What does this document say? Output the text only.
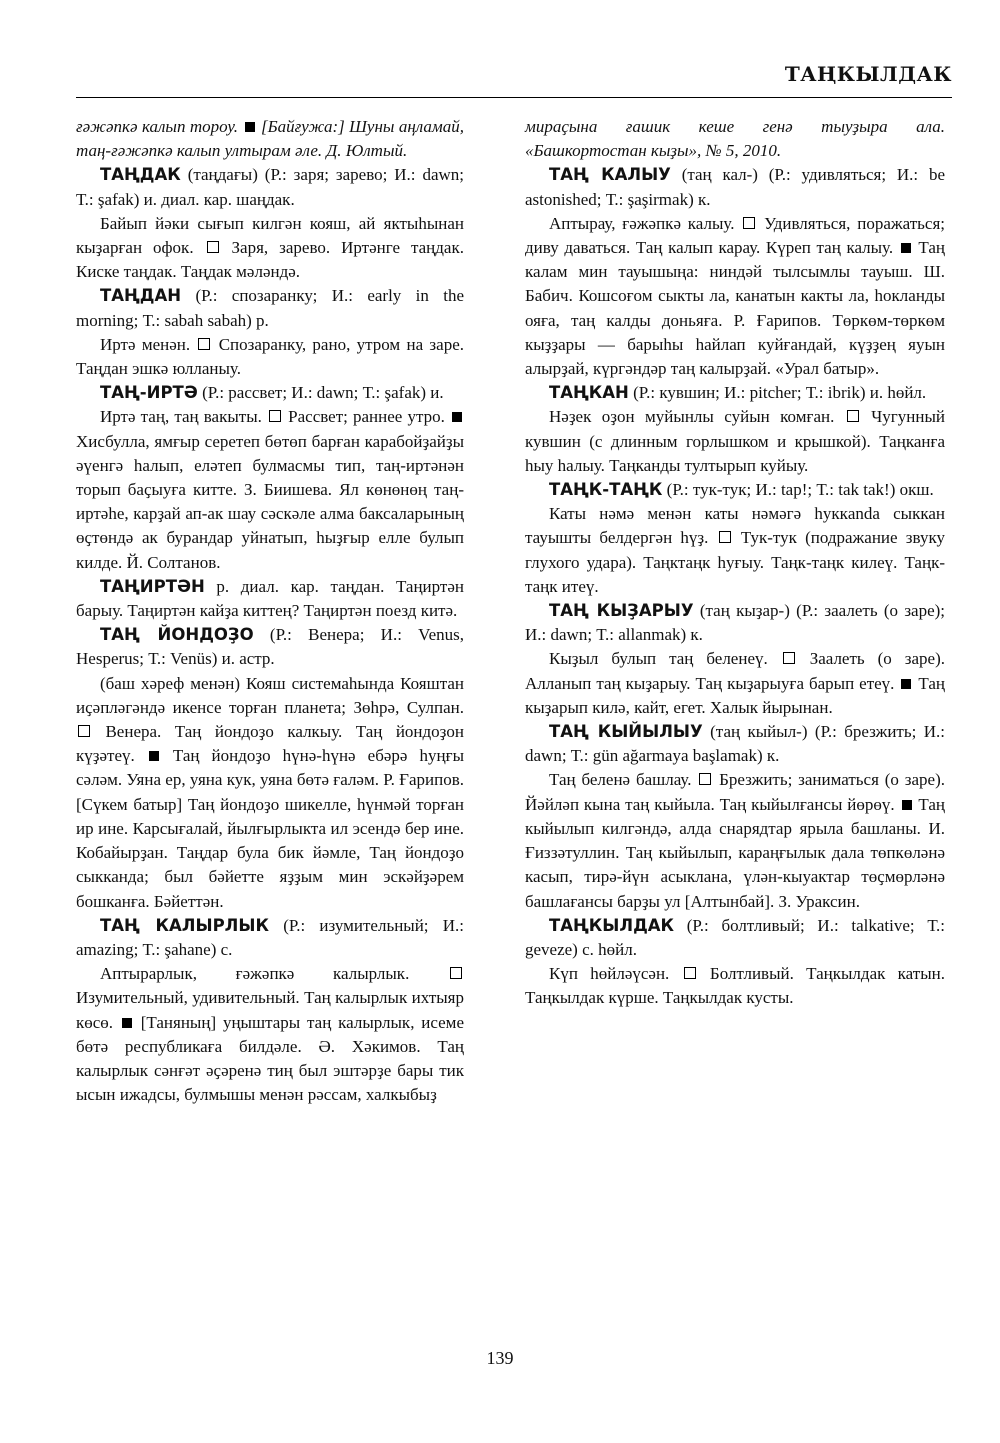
ТАҢКЫЛДАК

ғәжәпкә калып тороу.  [Байғужа:] Шуны аңламай, таң-ғәжәпкә калып ултырам әле. Д. Юлтый.

ТАҢДАК (таңдағы) (Р.: заря; зарево; И.: dawn; Т.: şafak) и. диал. кар. шаңдак.

Байып йәки сығып килгән кояш, ай яктыһынан кыҙарған офок.  Заря, зарево. Иртәнге таңдак. Киске таңдак. Таңдак мәләндә.

ТАҢДАН (Р.: спозаранку; И.: early in the morning; Т.: sabah sabah) р.

Иртә менән.  Спозаранку, рано, утром на заре. Таңдан эшкә юлланыу.

ТАҢ-ИРТӘ (Р.: рассвет; И.: dawn; Т.: şafak) и.

Иртә таң, таң вакыты.  Рассвет; раннее утро.  Хисбулла, ямғыр серетеп бөтөп барған карабойҙайҙы әүенгә һалып, еләтеп булмасмы тип, таң-иртәнән торып баҫыуға китте. З. Биишева. Ял көнөнөң таң-иртәһе, карҙай ап-ак шау сәскәле алма баксаларының өҫтөндә ак бурандар уйнатып, һыҙғыр елле булып килде. Й. Солтанов.

ТАҢИРТӘН р. диал. кар. таңдан. Таңиртән барыу. Таңиртән кайҙа киттең? Таңиртән поезд китә.

ТАҢ ЙОНДОҘО (Р.: Венера; И.: Venus, Hesperus; Т.: Venüs) и. астр.

(баш хәреф менән) Кояш системаһында Кояштан иҫәпләгәндә икенсе торған планета; Зөһрә, Сулпан.  Венера. Таң йондоҙо калкыу. Таң йондоҙон күҙәтеү.  Таң йондоҙо һүнә-һүнә ебәрә һуңғы сәләм. Уяна ер, уяна кук, уяна бөтә ғаләм. Р. Ғарипов. [Сүкем батыр] Таң йондоҙо шикелле, һүнмәй торған ир ине. Карсығалай, йылғырлыкта ил эсендә бер ине. Кобайырҙан. Таңдар була бик йәмле, Таң йондоҙо сыкканда; был бәйетте яҙҙым мин эскәйҙәрем бошканға. Бәйеттән.

ТАҢ КАЛЫРЛЫК (Р.: изумительный; И.: amazing; Т.: şahane) с.

Аптырарлык, ғәжәпкә калырлык.  Изумительный, удивительный. Таң калырлык ихтыяр көсө.  [Таняның] уңыштары таң калырлык, исеме бөтә республикаға билдәле. Ә. Хәкимов. Таң калырлык сәнғәт әҫәренә тиң был эштәрҙе бары тик ысын ижадсы, булмышы менән рәссам, халкыбыҙ

мираҫына ғашик кеше генә тыуҙыра ала. «Башкортостан кыҙы», № 5, 2010.

ТАҢ КАЛЫУ (таң кал-) (Р.: удивляться; И.: be astonished; Т.: şaşirmak) к.

Аптырау, ғәжәпкә калыу.  Удивляться, поражаться; диву даваться. Таң калып карау. Күреп таң калыу.  Таң калам мин тауышыңа: ниндәй тылсымлы тауыш. Ш. Бабич. Кошсоғом сыкты ла, канатын какты ла, һокланды ояға, таң калды доньяға. Р. Ғарипов. Төркөм-төркөм кыҙҙары — барыһы һайлап куйғандай, күҙҙең яуын алырҙай, күргәндәр таң калырҙай. «Урал батыр».

ТАҢКАН (Р.: кувшин; И.: pitcher; Т.: ibrik) и. һөйл.

Нәҙек оҙон муйынлы суйын комған.  Чугунный кувшин (с длинным горлышком и крышкой). Таңканға һыу һалыу. Таңканды тултырып куйыу.

ТАҢК-ТАҢК (Р.: тук-тук; И.: tap!; Т.: tak tak!) окш.

Каты нәмә менән каты нәмәгә һуккanda сыккан тауышты белдергән һүҙ.  Тук-тук (подражание звуку глухого удара). Таңктаңк һуғыу. Таңк-таңк килеү. Таңк-таңк итеү.

ТАҢ КЫҘАРЫУ (таң кыҙар-) (Р.: заалеть (о заре); И.: dawn; Т.: allanmak) к.

Кыҙыл булып таң беленеү.  Заалеть (о заре). Алланып таң кыҙарыу. Таң кыҙарыуға барып етеү.  Таң кыҙарып килә, кайт, егет. Халык йырынан.

ТАҢ КЫЙЫЛЫУ (таң кыйыл-) (Р.: брезжить; И.: dawn; Т.: gün ağarmaya başlamak) к.

Таң беленә башлау.  Брезжить; заниматься (о заре). Йәйләп кына таң кыйыла. Таң кыйылғансы йөрөү.  Таң кыйылып килгәндә, алда снарядтар ярыла башланы. И. Ғиззәтуллин. Таң кыйылып, караңғылык дала төпкөләнә касып, тирә-йүн асыклана, үлән-кыуактар төҫмөрләнә башлағансы барҙы ул [Алтынбай]. З. Ураксин.

ТАҢКЫЛДАК (Р.: болтливый; И.: talkative; Т.: geveze) с. һөйл.

Күп һөйләүсән.  Болтливый. Таңкылдак катын. Таңкылдак күрше. Таңкылдак кусты.

139
